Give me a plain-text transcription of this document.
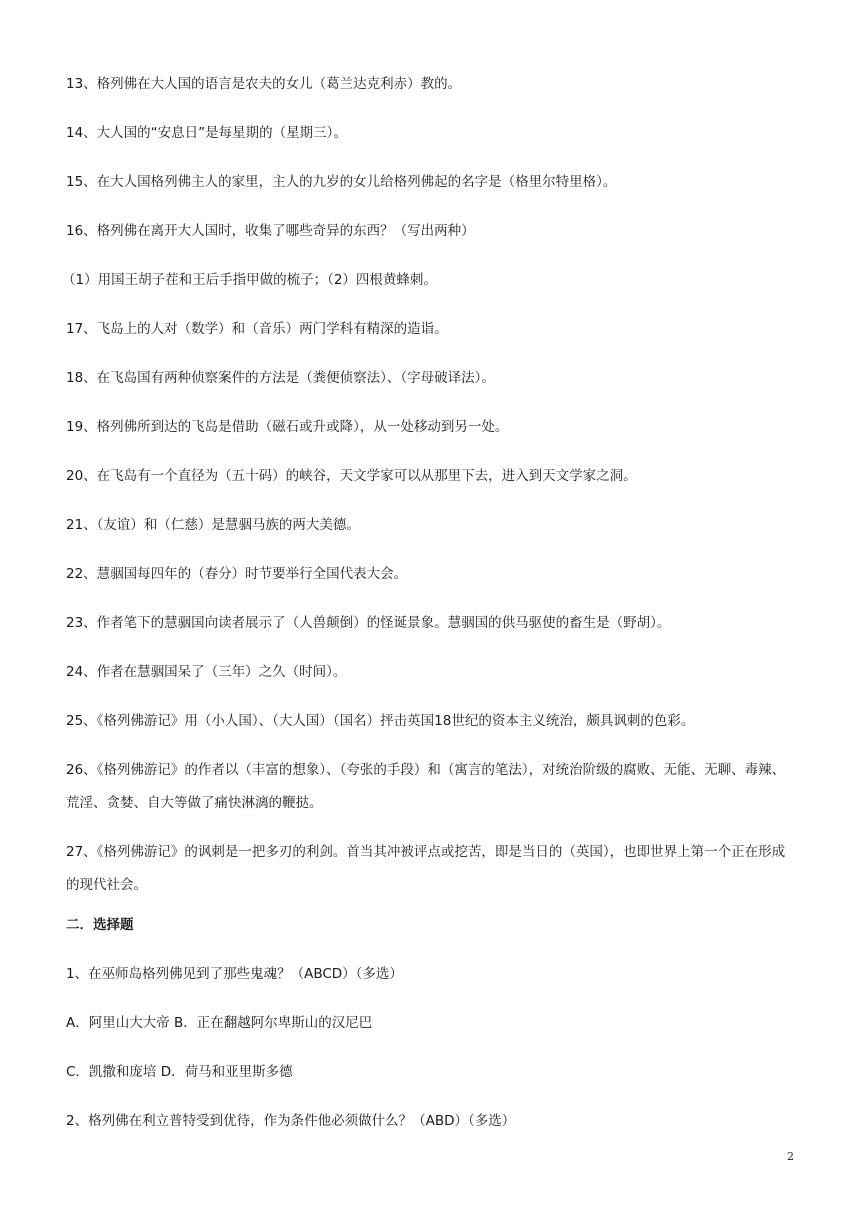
13、格列佛在大人国的语言是农夫的女儿（葛兰达克利赤）教的。
14、大人国的“安息日”是每星期的（星期三）。
15、在大人国格列佛主人的家里，主人的九岁的女儿给格列佛起的名字是（格里尔特里格）。
16、格列佛在离开大人国时，收集了哪些奇异的东西？（写出两种）
（1）用国王胡子茬和王后手指甲做的梳子；（2）四根黄蜂刺。
17、飞岛上的人对（数学）和（音乐）两门学科有精深的造诣。
18、在飞岛国有两种侦察案件的方法是（粪便侦察法）、（字母破译法）。
19、格列佛所到达的飞岛是借助（磁石或升或降），从一处移动到另一处。
20、在飞岛有一个直径为（五十码）的峡谷，天文学家可以从那里下去，进入到天文学家之洞。
21、（友谊）和（仁慈）是慧骃马族的两大美德。
22、慧骃国每四年的（春分）时节要举行全国代表大会。
23、作者笔下的慧骃国向读者展示了（人兽颠倒）的怪诞景象。慧骃国的供马驱使的畜生是（野胡）。
24、作者在慧骃国呆了（三年）之久（时间）。
25、《格列佛游记》用（小人国）、（大人国）（国名）抨击英国18世纪的资本主义统治，颇具讽刺的色彩。
26、《格列佛游记》的作者以（丰富的想象）、（夸张的手段）和（寓言的笔法），对统治阶级的腐败、无能、无聊、毒辣、荒淫、贪婪、自大等做了痛快淋漓的鞭挞。
27、《格列佛游记》的讽刺是一把多刃的利剑。首当其冲被评点或挖苦，即是当日的（英国），也即世界上第一个正在形成的现代社会。
二．选择题
1、在巫师岛格列佛见到了那些鬼魂？（ABCD）（多选）
A．阿里山大大帝 B．正在翻越阿尔卑斯山的汉尼巴
C．凯撒和庞培 D．荷马和亚里斯多德
2、格列佛在利立普特受到优待，作为条件他必须做什么？（ABD）（多选）
2
